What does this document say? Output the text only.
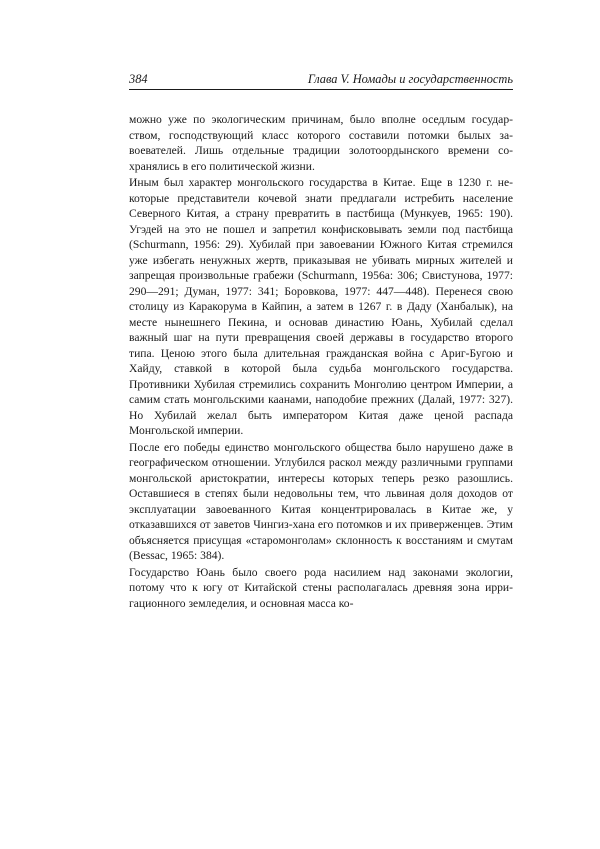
384	Глава V. Номады и государственность

можно уже по экологическим причинам, было вполне оседлым государством, господствующий класс которого составили потомки былых завоевателей. Лишь отдельные традиции золотоордынского времени сохранялись в его политической жизни.

Иным был характер монгольского государства в Китае. Еще в 1230 г. некоторые представители кочевой знати предлагали истребить население Северного Китая, а страну превратить в пастбища (Мункуев, 1965: 190). Угэдей на это не пошел и запретил конфисковывать земли под пастбища (Schurmann, 1956: 29). Хубилай при завоевании Южного Китая стремился уже избегать ненужных жертв, приказывая не убивать мирных жителей и запрещая произвольные грабежи (Schurmann, 1956а: 306; Свистунова, 1977: 290—291; Думан, 1977: 341; Боровкова, 1977: 447—448). Перенеся свою столицу из Каракорума в Кайпин, а затем в 1267 г. в Даду (Ханбалык), на месте нынешнего Пекина, и основав династию Юань, Хубилай сделал важный шаг на пути превращения своей державы в государство второго типа. Ценою этого была длительная гражданская война с Ариг-Бугою и Хайду, ставкой в которой была судьба монгольского государства. Противники Хубилая стремились сохранить Монголию центром Империи, а самим стать монгольскими каанами, наподобие прежних (Далай, 1977: 327). Но Хубилай желал быть императором Китая даже ценой распада Монгольской империи.

После его победы единство монгольского общества было нарушено даже в географическом отношении. Углубился раскол между различными группами монгольской аристократии, интересы которых теперь резко разошлись. Оставшиеся в степях были недовольны тем, что львиная доля доходов от эксплуатации завоеванного Китая концентрировалась в Китае же, у отказавшихся от заветов Чингиз-хана его потомков и их приверженцев. Этим объясняется присущая «старомонголам» склонность к восстаниям и смутам (Bessac, 1965: 384).

Государство Юань было своего рода насилием над законами экологии, потому что к югу от Китайской стены располагалась древняя зона ирригационного земледелия, и основная масса ко-
